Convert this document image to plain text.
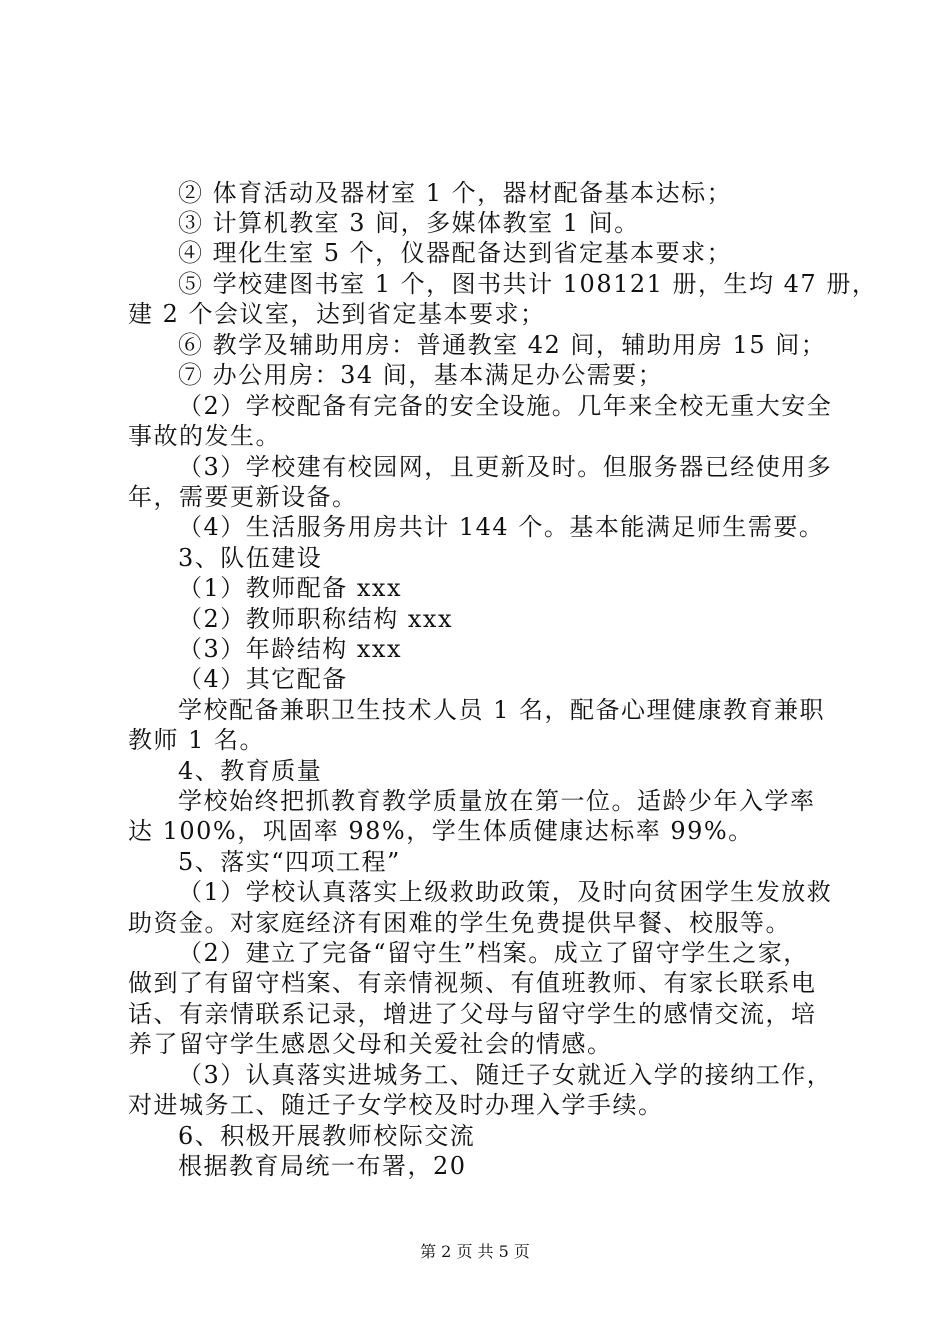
② 体育活动及器材室 1 个，器材配备基本达标；
③ 计算机教室 3 间，多媒体教室 1 间。
④ 理化生室 5 个，仪器配备达到省定基本要求；
⑤ 学校建图书室 1 个，图书共计 108121 册，生均 47 册，
建 2 个会议室，达到省定基本要求；
⑥ 教学及辅助用房：普通教室 42 间，辅助用房 15 间；
⑦ 办公用房：34 间，基本满足办公需要；
（2）学校配备有完备的安全设施。几年来全校无重大安全
事故的发生。
（3）学校建有校园网，且更新及时。但服务器已经使用多
年，需要更新设备。
（4）生活服务用房共计 144 个。基本能满足师生需要。
3、队伍建设
（1）教师配备 xxx
（2）教师职称结构 xxx
（3）年龄结构 xxx
（4）其它配备
学校配备兼职卫生技术人员 1 名，配备心理健康教育兼职
教师 1 名。
4、教育质量
学校始终把抓教育教学质量放在第一位。适龄少年入学率
达 100%，巩固率 98%，学生体质健康达标率 99%。
5、落实“四项工程”
（1）学校认真落实上级救助政策，及时向贫困学生发放救
助资金。对家庭经济有困难的学生免费提供早餐、校服等。
（2）建立了完备“留守生”档案。成立了留守学生之家，
做到了有留守档案、有亲情视频、有值班教师、有家长联系电
话、有亲情联系记录，增进了父母与留守学生的感情交流，培
养了留守学生感恩父母和关爱社会的情感。
（3）认真落实进城务工、随迁子女就近入学的接纳工作，
对进城务工、随迁子女学校及时办理入学手续。
6、积极开展教师校际交流
根据教育局统一布署，20
第 2 页 共 5 页
